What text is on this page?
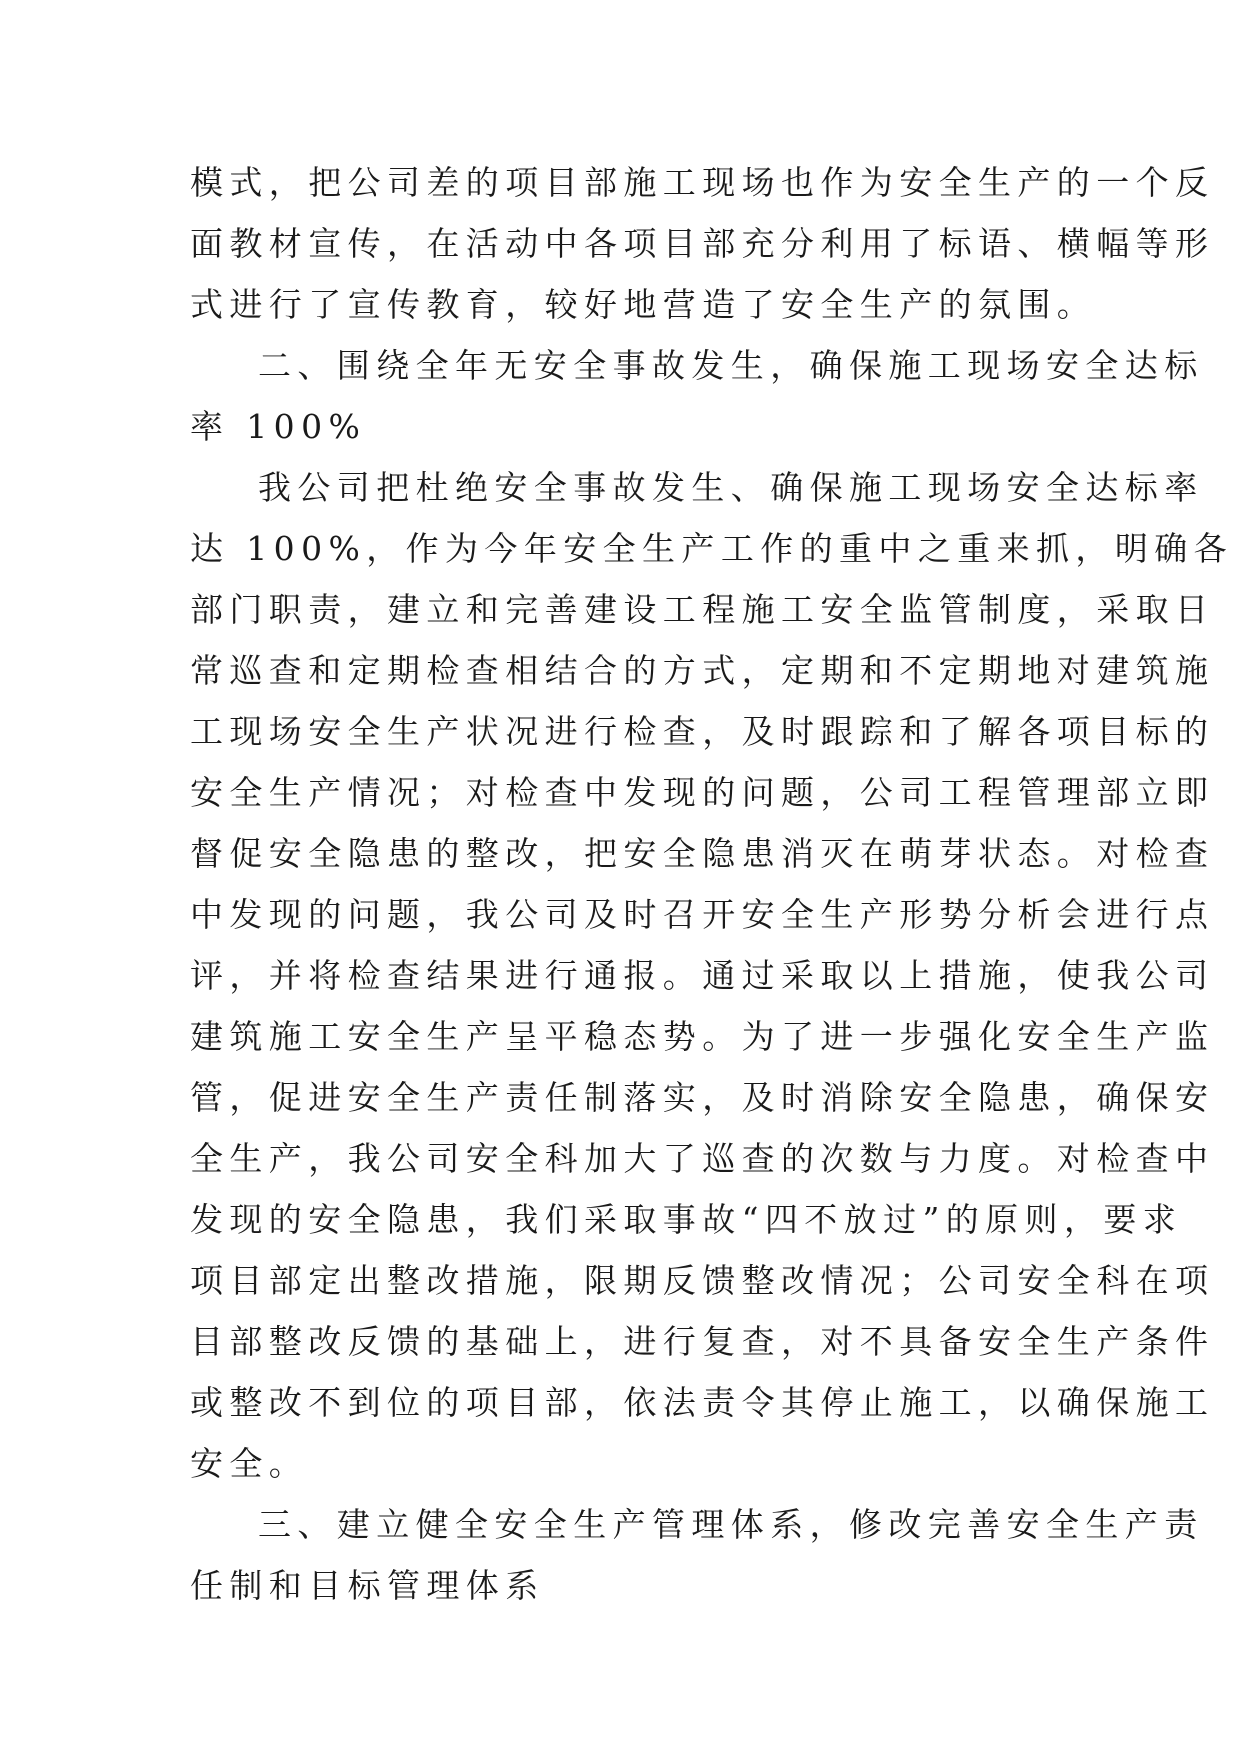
模式，把公司差的项目部施工现场也作为安全生产的一个反
面教材宣传，在活动中各项目部充分利用了标语、横幅等形
式进行了宣传教育，较好地营造了安全生产的氛围。
二、围绕全年无安全事故发生，确保施工现场安全达标
率 100%
我公司把杜绝安全事故发生、确保施工现场安全达标率
达 100%，作为今年安全生产工作的重中之重来抓，明确各
部门职责，建立和完善建设工程施工安全监管制度，采取日
常巡查和定期检查相结合的方式，定期和不定期地对建筑施
工现场安全生产状况进行检查，及时跟踪和了解各项目标的
安全生产情况；对检查中发现的问题，公司工程管理部立即
督促安全隐患的整改，把安全隐患消灭在萌芽状态。对检查
中发现的问题，我公司及时召开安全生产形势分析会进行点
评，并将检查结果进行通报。通过采取以上措施，使我公司
建筑施工安全生产呈平稳态势。为了进一步强化安全生产监
管，促进安全生产责任制落实，及时消除安全隐患，确保安
全生产，我公司安全科加大了巡查的次数与力度。对检查中
发现的安全隐患，我们采取事故“四不放过”的原则，要求
项目部定出整改措施，限期反馈整改情况；公司安全科在项
目部整改反馈的基础上，进行复查，对不具备安全生产条件
或整改不到位的项目部，依法责令其停止施工，以确保施工
安全。
三、建立健全安全生产管理体系，修改完善安全生产责
任制和目标管理体系
